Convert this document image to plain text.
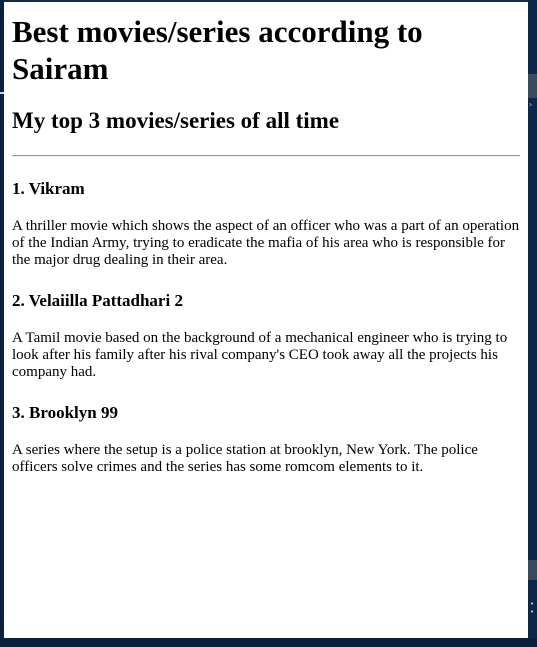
›
•
•
Best movies/series according to Sairam
My top 3 movies/series of all time
1. Vikram

A thriller movie which shows the aspect of an officer who was a part of an operation of the Indian Army, trying to eradicate the mafia of his area who is responsible for the major drug dealing in their area.

2. Velaiilla Pattadhari 2

A Tamil movie based on the background of a mechanical engineer who is trying to look after his family after his rival company's CEO took away all the projects his company had.

3. Brooklyn 99

A series where the setup is a police station at brooklyn, New York. The police officers solve crimes and the series has some romcom elements to it.
